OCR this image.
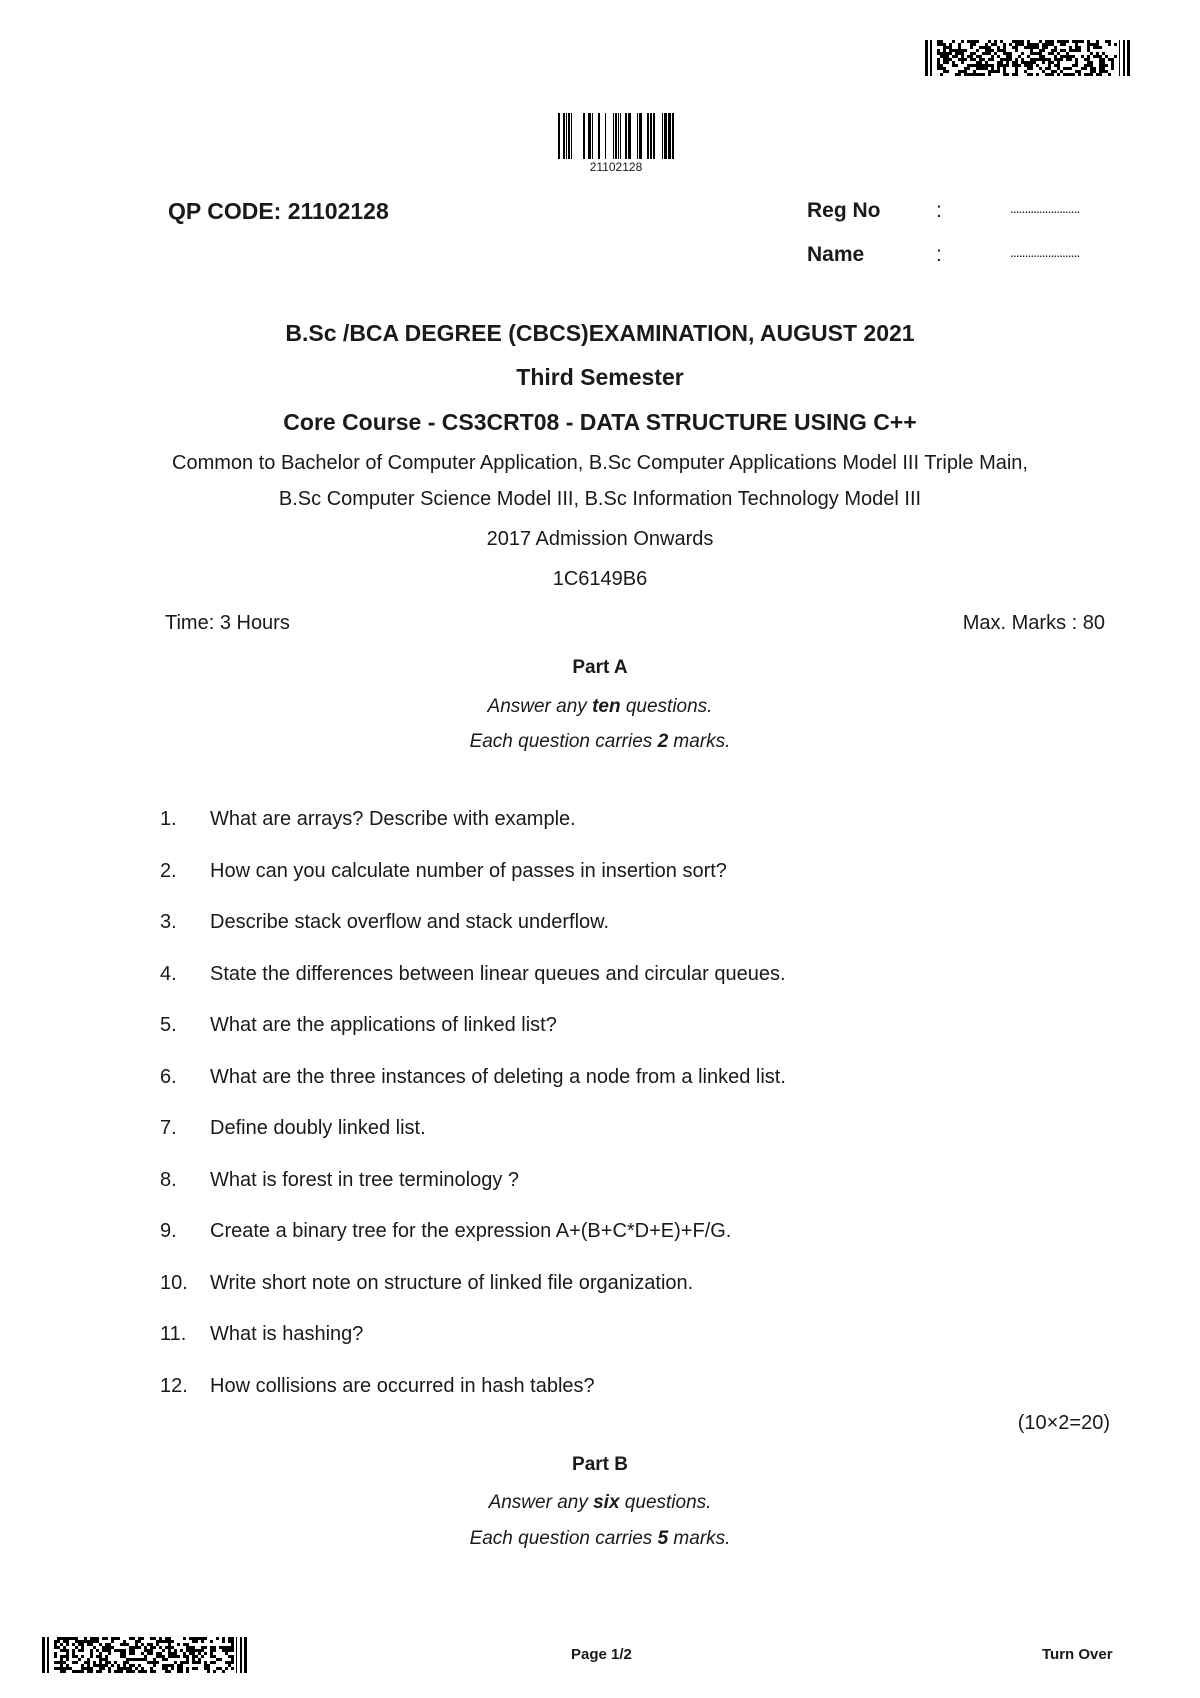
21102128
QP CODE: 21102128	Reg No	:	........................
Name	:	........................
B.Sc /BCA DEGREE (CBCS)EXAMINATION, AUGUST 2021
Third Semester
Core Course - CS3CRT08 - DATA STRUCTURE USING C++
Common to Bachelor of Computer Application, B.Sc Computer Applications Model III Triple Main,
B.Sc Computer Science Model III, B.Sc Information Technology Model III
2017 Admission Onwards
1C6149B6
Time: 3 Hours	Max. Marks : 80
Part A
Answer any ten questions.
Each question carries 2 marks.
1.	What are arrays? Describe with example.
2.	How can you calculate number of passes in insertion sort?
3.	Describe stack overflow and stack underflow.
4.	State the differences between linear queues and circular queues.
5.	What are the applications of linked list?
6.	What are the three instances of deleting a node from a linked list.
7.	Define doubly linked list.
8.	What is forest in tree terminology ?
9.	Create a binary tree for the expression A+(B+C*D+E)+F/G.
10.	Write short note on structure of linked file organization.
11.	What is hashing?
12.	How collisions are occurred in hash tables?
(10×2=20)
Part B
Answer any six questions.
Each question carries 5 marks.
Page 1/2	Turn Over
